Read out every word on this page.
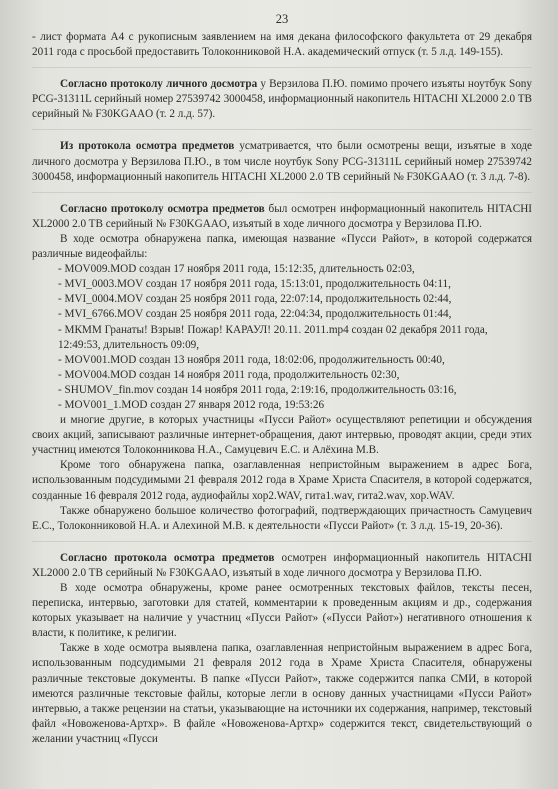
23

- лист формата А4 с рукописным заявлением на имя декана философского факультета от 29 декабря 2011 года с просьбой предоставить Толоконниковой Н.А. академический отпуск (т. 5 л.д. 149-155).

Согласно протоколу личного досмотра у Верзилова П.Ю. помимо прочего изъяты ноутбук Sony PCG-31311L серийный номер 27539742 3000458, информационный накопитель HITACHI XL2000 2.0 TB серийный № F30KGAAO (т. 2 л.д. 57).

Из протокола осмотра предметов усматривается, что были осмотрены вещи, изъятые в ходе личного досмотра у Верзилова П.Ю., в том числе ноутбук Sony PCG-31311L серийный номер 27539742 3000458, информационный накопитель HITACHI XL2000 2.0 TB серийный № F30KGAAO (т. 3 л.д. 7-8).

Согласно протоколу осмотра предметов был осмотрен информационный накопитель HITACHI XL2000 2.0 TB серийный № F30KGAAO, изъятый в ходе личного досмотра у Верзилова П.Ю.

В ходе осмотра обнаружена папка, имеющая название «Пусси Райот», в которой содержатся различные видеофайлы:

- MOV009.MOD создан 17 ноября 2011 года, 15:12:35, длительность 02:03,

- MVI_0003.MOV создан 17 ноября 2011 года, 15:13:01, продолжительность 04:11,

- MVI_0004.MOV создан 25 ноября 2011 года, 22:07:14, продолжительность 02:44,

- MVI_6766.MOV создан 25 ноября 2011 года, 22:04:34, продолжительность 01:44,

- МКММ Гранаты! Взрыв! Пожар! КАРАУЛ! 20.11. 2011.mp4 создан 02 декабря 2011 года, 12:49:53, длительность 09:09,

- MOV001.MOD создан 13 ноября 2011 года, 18:02:06, продолжительность 00:40,

- MOV004.MOD создан 14 ноября 2011 года, продолжительность 02:30,

- SHUMOV_fin.mov создан 14 ноября 2011 года, 2:19:16, продолжительность 03:16,

- MOV001_1.MOD создан 27 января 2012 года, 19:53:26

и многие другие, в которых участницы «Пусси Райот» осуществляют репетиции и обсуждения своих акций, записывают различные интернет-обращения, дают интервью, проводят акции, среди этих участниц имеются Толоконникова Н.А., Самуцевич Е.С. и Алёхина М.В.

Кроме того обнаружена папка, озаглавленная непристойным выражением в адрес Бога, использованным подсудимыми 21 февраля 2012 года в Храме Христа Спасителя, в которой содержатся, созданные 16 февраля 2012 года, аудиофайлы хор2.WAV, гита1.wav, гита2.wav, хор.WAV.

Также обнаружено большое количество фотографий, подтверждающих причастность Самуцевич Е.С., Толоконниковой Н.А. и Алехиной М.В. к деятельности «Пусси Райот» (т. 3 л.д. 15-19, 20-36).

Согласно протокола осмотра предметов осмотрен информационный накопитель HITACHI XL2000 2.0 TB серийный № F30KGAAO, изъятый в ходе личного досмотра у Верзилова П.Ю.

В ходе осмотра обнаружены, кроме ранее осмотренных текстовых файлов, тексты песен, переписка, интервью, заготовки для статей, комментарии к проведенным акциям и др., содержания которых указывает на наличие у участниц «Пусси Райот» («Пусси Райот») негативного отношения к власти, к политике, к религии.

Также в ходе осмотра выявлена папка, озаглавленная непристойным выражением в адрес Бога, использованным подсудимыми 21 февраля 2012 года в Храме Христа Спасителя, обнаружены различные текстовые документы. В папке «Пусси Райот», также содержится папка СМИ, в которой имеются различные текстовые файлы, которые легли в основу данных участницами «Пусси Райот» интервью, а также рецензии на статьи, указывающие на источники их содержания, например, текстовый файл «Новоженова-Артхр». В файле «Новоженова-Артхр» содержится текст, свидетельствующий о желании участниц «Пусси
